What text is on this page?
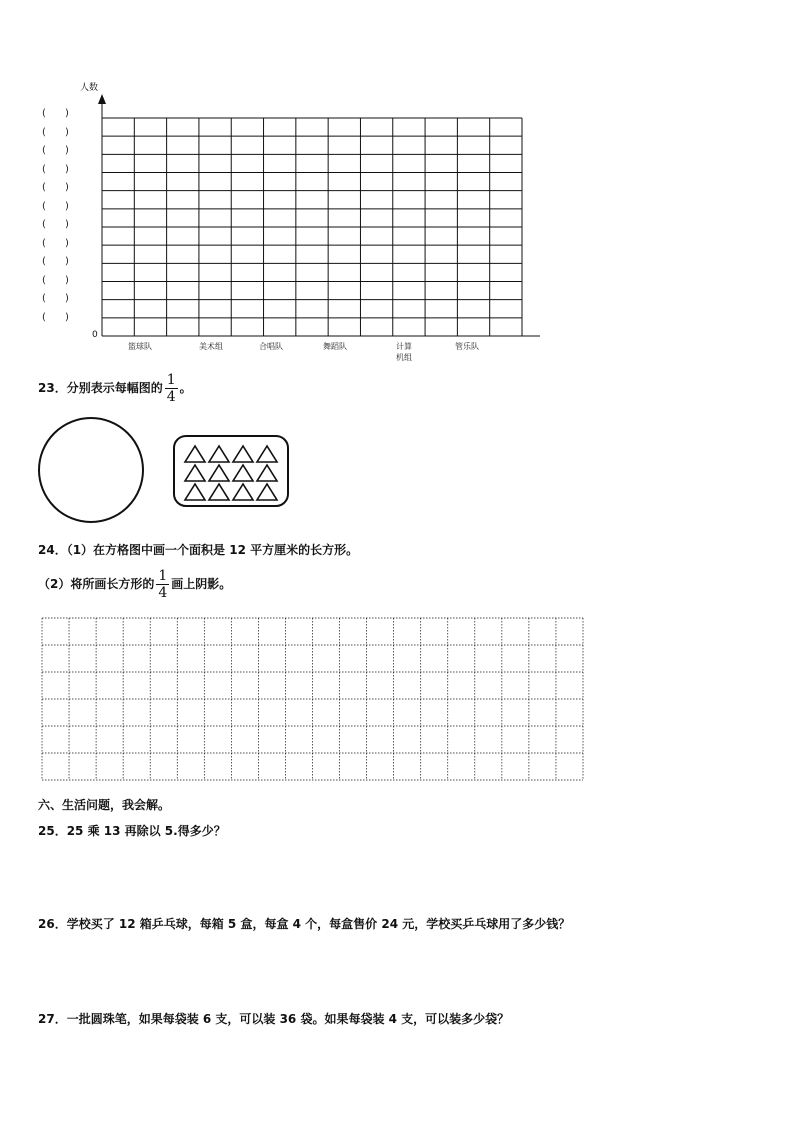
人数
0
(      )
(      )
(      )
(      )
(      )
(      )
(      )
(      )
(      )
(      )
(      )
(      )
篮球队	美术组	合唱队	舞蹈队	计算
机组
管乐队
23．分别表示每幅图的 $\frac{1}{4}$ 。
24．（1）在方格图中画一个面积是 12 平方厘米的长方形。
（2）将所画长方形的 $\frac{1}{4}$ 画上阴影。
六、生活问题，我会解。
25．25 乘 13 再除以 5.得多少？
26．学校买了 12 箱乒乓球，每箱 5 盒，每盒 4 个，每盒售价 24 元，学校买乒乓球用了多少钱？
27．一批圆珠笔，如果每袋装 6 支，可以装 36 袋。如果每袋装 4 支，可以装多少袋？
